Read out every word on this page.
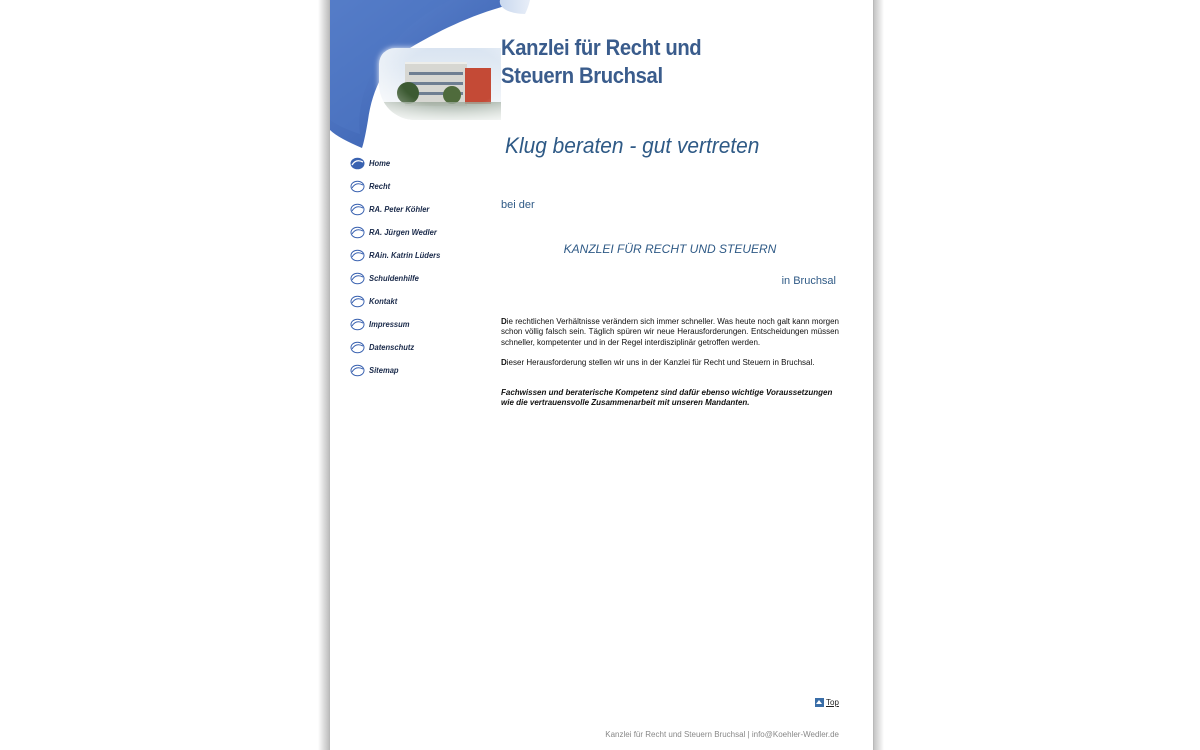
Kanzlei für Recht und
Steuern Bruchsal
Klug beraten - gut vertreten
Home
Recht
RA. Peter Köhler
RA. Jürgen Wedler
RAin. Katrin Lüders
Schuldenhilfe
Kontakt
Impressum
Datenschutz
Sitemap
bei der
KANZLEI FÜR RECHT UND STEUERN
in Bruchsal

Die rechtlichen Verhältnisse verändern sich immer schneller. Was heute noch galt kann morgen schon völlig falsch sein. Täglich spüren wir neue Herausforderungen. Entscheidungen müssen schneller, kompetenter und in der Regel interdisziplinär getroffen werden.

Dieser Herausforderung stellen wir uns in der Kanzlei für Recht und Steuern in Bruchsal.

Fachwissen und beraterische Kompetenz sind dafür ebenso wichtige Voraussetzungen wie die vertrauensvolle Zusammenarbeit mit unseren Mandanten.

Top
Kanzlei für Recht und Steuern Bruchsal | info@Koehler-Wedler.de
